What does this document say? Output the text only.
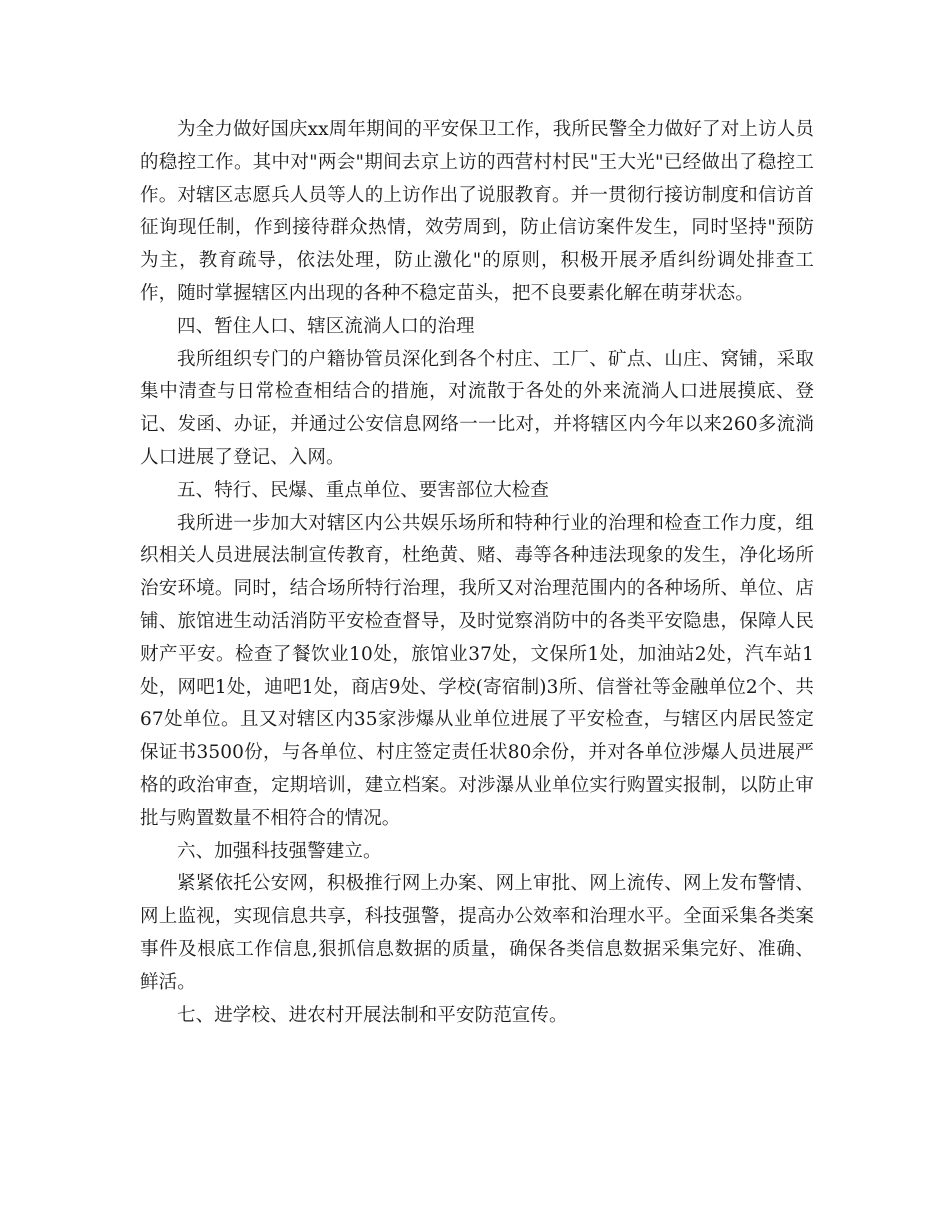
为全力做好国庆xx周年期间的平安保卫工作，我所民警全力做好了对上访人员的稳控工作。其中对"两会"期间去京上访的西营村村民"王大光"已经做出了稳控工作。对辖区志愿兵人员等人的上访作出了说服教育。并一贯彻行接访制度和信访首征询现任制，作到接待群众热情，效劳周到，防止信访案件发生，同时坚持"预防为主，教育疏导，依法处理，防止激化"的原则，积极开展矛盾纠纷调处排查工作，随时掌握辖区内出现的各种不稳定苗头，把不良要素化解在萌芽状态。

四、暂住人口、辖区流淌人口的治理

我所组织专门的户籍协管员深化到各个村庄、工厂、矿点、山庄、窝铺，采取集中清查与日常检查相结合的措施，对流散于各处的外来流淌人口进展摸底、登记、发函、办证，并通过公安信息网络一一比对，并将辖区内今年以来260多流淌人口进展了登记、入网。

五、特行、民爆、重点单位、要害部位大检查

我所进一步加大对辖区内公共娱乐场所和特种行业的治理和检查工作力度，组织相关人员进展法制宣传教育，杜绝黄、赌、毒等各种违法现象的发生，净化场所治安环境。同时，结合场所特行治理，我所又对治理范围内的各种场所、单位、店铺、旅馆进生动活消防平安检查督导，及时觉察消防中的各类平安隐患，保障人民财产平安。检查了餐饮业10处，旅馆业37处，文保所1处，加油站2处，汽车站1处，网吧1处，迪吧1处，商店9处、学校(寄宿制)3所、信誉社等金融单位2个、共67处单位。且又对辖区内35家涉爆从业单位进展了平安检查，与辖区内居民签定保证书3500份，与各单位、村庄签定责任状80余份，并对各单位涉爆人员进展严格的政治审查，定期培训，建立档案。对涉瀑从业单位实行购置实报制，以防止审批与购置数量不相符合的情况。

六、加强科技强警建立。

紧紧依托公安网，积极推行网上办案、网上审批、网上流传、网上发布警情、网上监视，实现信息共享，科技强警，提高办公效率和治理水平。全面采集各类案事件及根底工作信息,狠抓信息数据的质量，确保各类信息数据采集完好、准确、鲜活。

七、进学校、进农村开展法制和平安防范宣传。
